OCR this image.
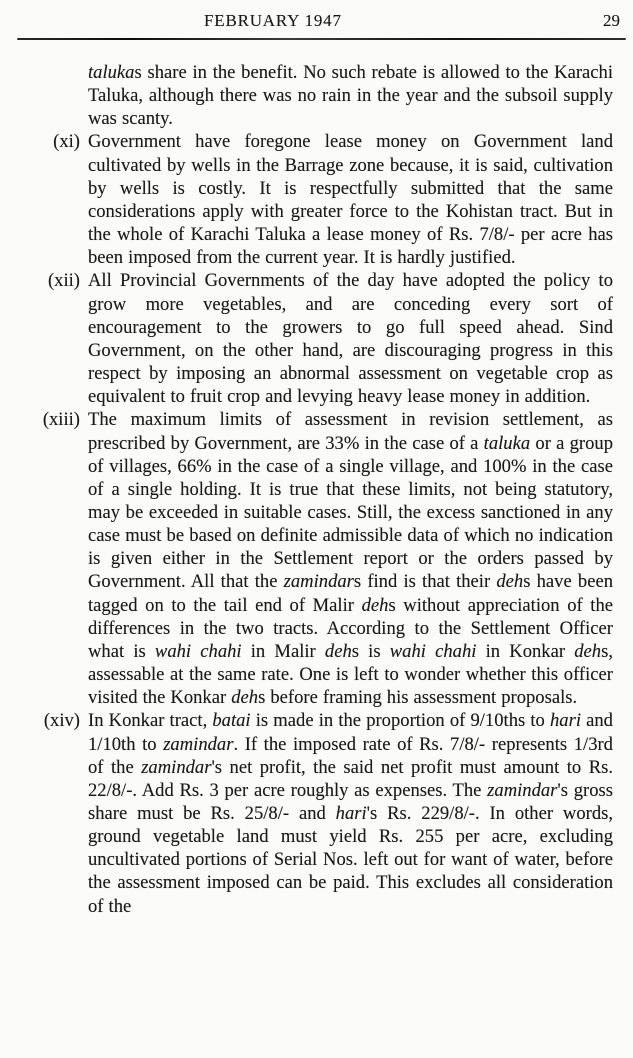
FEBRUARY 1947	29
talukas share in the benefit. No such rebate is allowed to the Karachi Taluka, although there was no rain in the year and the subsoil supply was scanty.
(xi) Government have foregone lease money on Government land cultivated by wells in the Barrage zone because, it is said, cultivation by wells is costly. It is respectfully submitted that the same considerations apply with greater force to the Kohistan tract. But in the whole of Karachi Taluka a lease money of Rs. 7/8/- per acre has been imposed from the current year. It is hardly justified.
(xii) All Provincial Governments of the day have adopted the policy to grow more vegetables, and are conceding every sort of encouragement to the growers to go full speed ahead. Sind Government, on the other hand, are discouraging progress in this respect by imposing an abnormal assessment on vegetable crop as equivalent to fruit crop and levying heavy lease money in addition.
(xiii) The maximum limits of assessment in revision settlement, as prescribed by Government, are 33% in the case of a taluka or a group of villages, 66% in the case of a single village, and 100% in the case of a single holding. It is true that these limits, not being statutory, may be exceeded in suitable cases. Still, the excess sanctioned in any case must be based on definite admissible data of which no indication is given either in the Settlement report or the orders passed by Government. All that the zamindars find is that their dehs have been tagged on to the tail end of Malir dehs without appreciation of the differences in the two tracts. According to the Settlement Officer what is wahi chahi in Malir dehs is wahi chahi in Konkar dehs, assessable at the same rate. One is left to wonder whether this officer visited the Konkar dehs before framing his assessment proposals.
(xiv) In Konkar tract, batai is made in the proportion of 9/10ths to hari and 1/10th to zamindar. If the imposed rate of Rs. 7/8/- represents 1/3rd of the zamindar's net profit, the said net profit must amount to Rs. 22/8/-. Add Rs. 3 per acre roughly as expenses. The zamindar's gross share must be Rs. 25/8/- and hari's Rs. 229/8/-. In other words, ground vegetable land must yield Rs. 255 per acre, excluding uncultivated portions of Serial Nos. left out for want of water, before the assessment imposed can be paid. This excludes all consideration of the
